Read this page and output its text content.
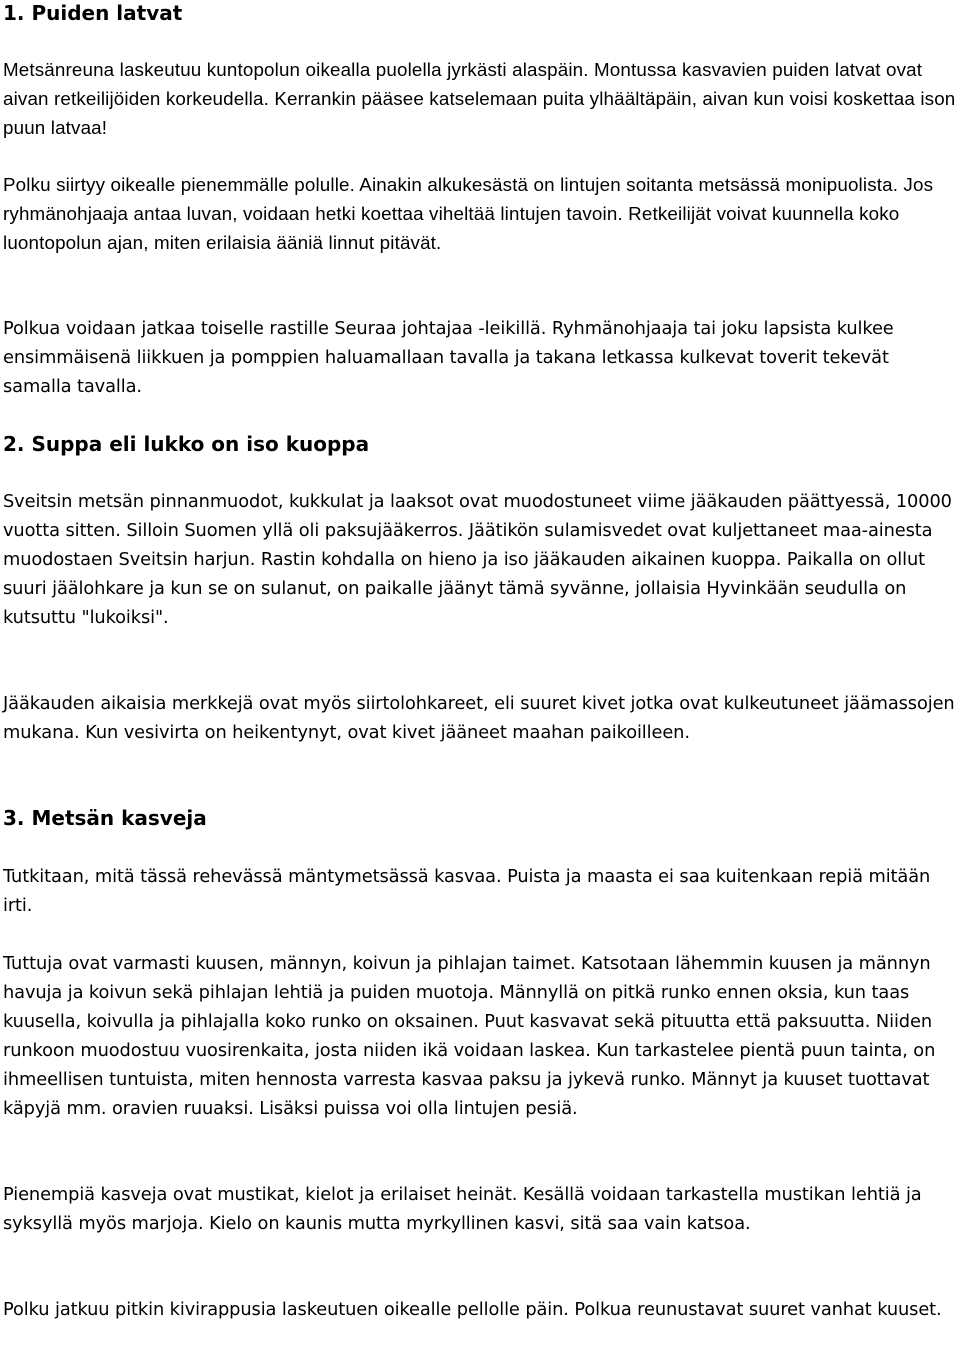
1. Puiden latvat

Metsänreuna laskeutuu kuntopolun oikealla puolella jyrkästi alaspäin. Montussa kasvavien puiden latvat ovat aivan retkeilijöiden korkeudella. Kerrankin pääsee katselemaan puita ylhäältäpäin, aivan kun voisi koskettaa ison puun latvaa!

Polku siirtyy oikealle pienemmälle polulle. Ainakin alkukesästä on lintujen soitanta metsässä monipuolista. Jos ryhmänohjaaja antaa luvan, voidaan hetki koettaa viheltää lintujen tavoin. Retkeilijät voivat kuunnella koko luontopolun ajan, miten erilaisia ääniä linnut pitävät.

Polkua voidaan jatkaa toiselle rastille Seuraa johtajaa -leikillä. Ryhmänohjaaja tai joku lapsista kulkee ensimmäisenä liikkuen ja pomppien haluamallaan tavalla ja takana letkassa kulkevat toverit tekevät samalla tavalla.

2. Suppa eli lukko on iso kuoppa

Sveitsin metsän pinnanmuodot, kukkulat ja laaksot ovat muodostuneet viime jääkauden päättyessä, 10000 vuotta sitten. Silloin Suomen yllä oli paksujääkerros. Jäätikön sulamisvedet ovat kuljettaneet maa-ainesta muodostaen Sveitsin harjun. Rastin kohdalla on hieno ja iso jääkauden aikainen kuoppa. Paikalla on ollut suuri jäälohkare ja kun se on sulanut, on paikalle jäänyt tämä syvänne, jollaisia Hyvinkään seudulla on kutsuttu "lukoiksi".

Jääkauden aikaisia merkkejä ovat myös siirtolohkareet, eli suuret kivet jotka ovat kulkeutuneet jäämassojen mukana. Kun vesivirta on heikentynyt, ovat kivet jääneet maahan paikoilleen.

3. Metsän kasveja

Tutkitaan, mitä tässä rehevässä mäntymetsässä kasvaa. Puista ja maasta ei saa kuitenkaan repiä mitään irti.

Tuttuja ovat varmasti kuusen, männyn, koivun ja pihlajan taimet. Katsotaan lähemmin kuusen ja männyn havuja ja koivun sekä pihlajan lehtiä ja puiden muotoja. Männyllä on pitkä runko ennen oksia, kun taas kuusella, koivulla ja pihlajalla koko runko on oksainen. Puut kasvavat sekä pituutta että paksuutta. Niiden runkoon muodostuu vuosirenkaita, josta niiden ikä voidaan laskea. Kun tarkastelee pientä puun tainta, on ihmeellisen tuntuista, miten hennosta varresta kasvaa paksu ja jykevä runko. Männyt ja kuuset tuottavat käpyjä mm. oravien ruuaksi. Lisäksi puissa voi olla lintujen pesiä.

Pienempiä kasveja ovat mustikat, kielot ja erilaiset heinät. Kesällä voidaan tarkastella mustikan lehtiä ja syksyllä myös marjoja. Kielo on kaunis mutta myrkyllinen kasvi, sitä saa vain katsoa.

Polku jatkuu pitkin kivirappusia laskeutuen oikealle pellolle päin. Polkua reunustavat suuret vanhat kuuset.
